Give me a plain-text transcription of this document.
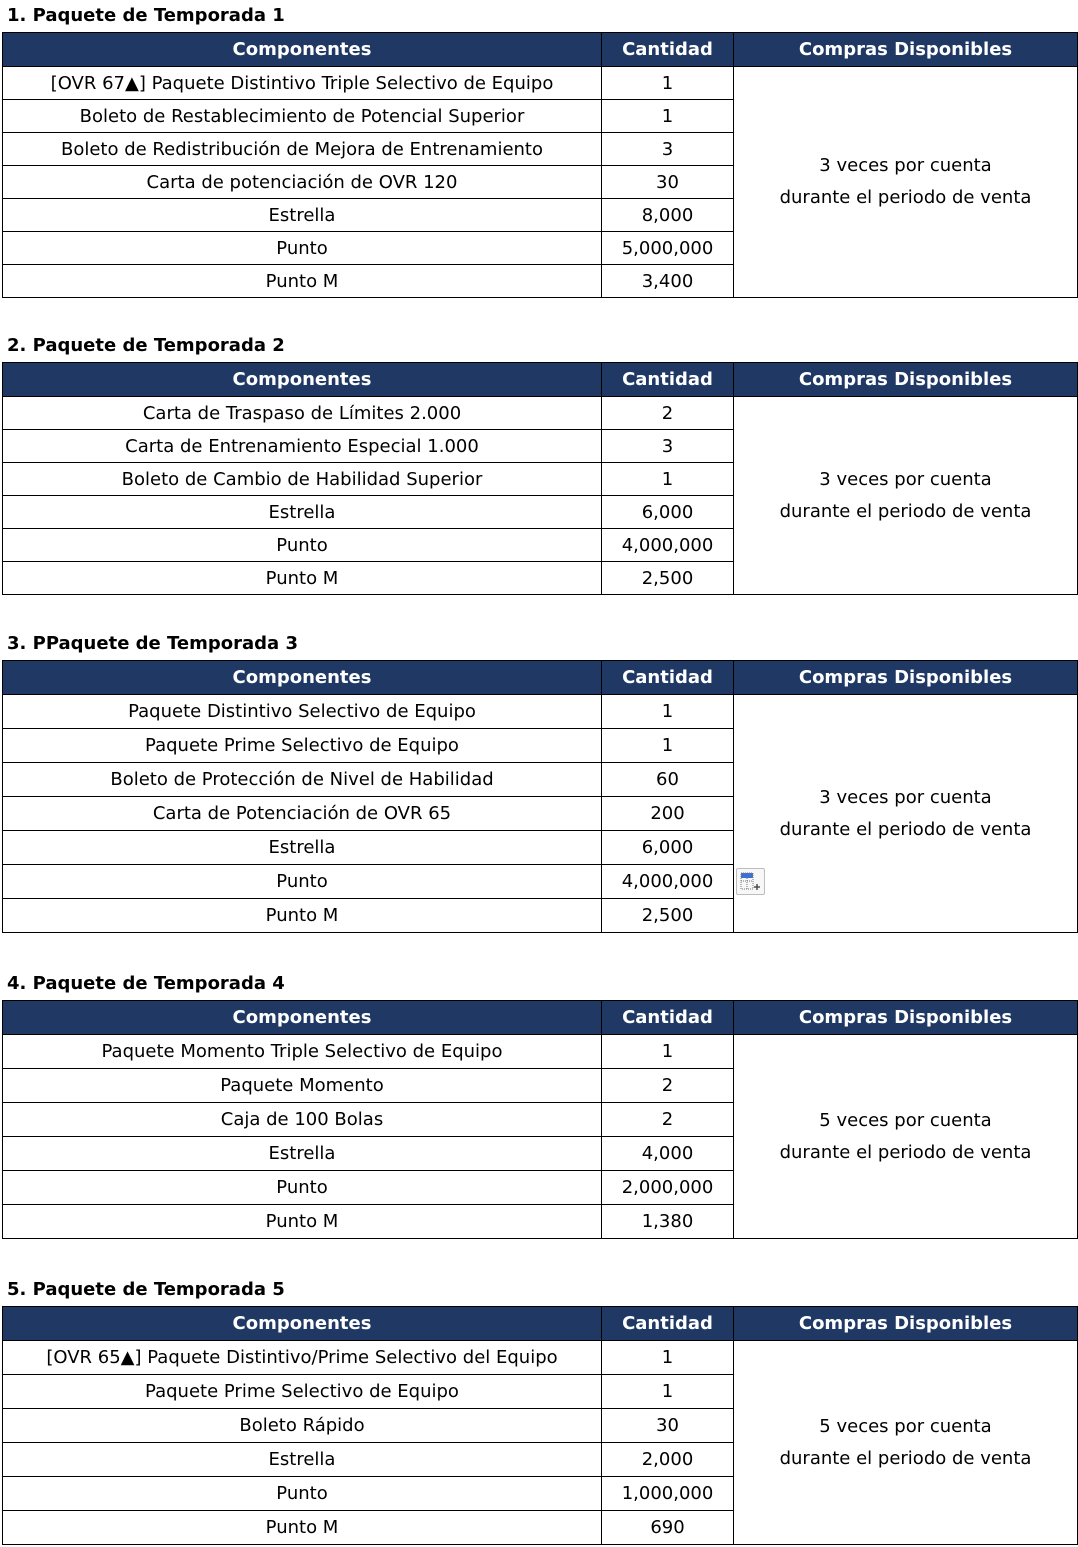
1. Paquete de Temporada 1
Componentes	Cantidad	Compras Disponibles
[OVR 67▲] Paquete Distintivo Triple Selectivo de Equipo	1	3 veces por cuenta
durante el periodo de venta

Boleto de Restablecimiento de Potencial Superior	1	
Boleto de Redistribución de Mejora de Entrenamiento	3	
Carta de potenciación de OVR 120	30	
Estrella	8,000	
Punto	5,000,000	
Punto M	3,400	
2. Paquete de Temporada 2
Componentes	Cantidad	Compras Disponibles
Carta de Traspaso de Límites 2.000	2	3 veces por cuenta
durante el periodo de venta

Carta de Entrenamiento Especial 1.000	3	
Boleto de Cambio de Habilidad Superior	1	
Estrella	6,000	
Punto	4,000,000	
Punto M	2,500	
3. PPaquete de Temporada 3
Componentes	Cantidad	Compras Disponibles
Paquete Distintivo Selectivo de Equipo	1	3 veces por cuenta
durante el periodo de venta

Paquete Prime Selectivo de Equipo	1	
Boleto de Protección de Nivel de Habilidad	60	
Carta de Potenciación de OVR 65	200	
Estrella	6,000	
Punto	4,000,000	
Punto M	2,500	
4. Paquete de Temporada 4
Componentes	Cantidad	Compras Disponibles
Paquete Momento Triple Selectivo de Equipo	1	5 veces por cuenta
durante el periodo de venta

Paquete Momento	2	
Caja de 100 Bolas	2	
Estrella	4,000	
Punto	2,000,000	
Punto M	1,380	
5. Paquete de Temporada 5
Componentes	Cantidad	Compras Disponibles
[OVR 65▲] Paquete Distintivo/Prime Selectivo del Equipo	1	5 veces por cuenta
durante el periodo de venta

Paquete Prime Selectivo de Equipo	1	
Boleto Rápido	30	
Estrella	2,000	
Punto	1,000,000	
Punto M	690	
